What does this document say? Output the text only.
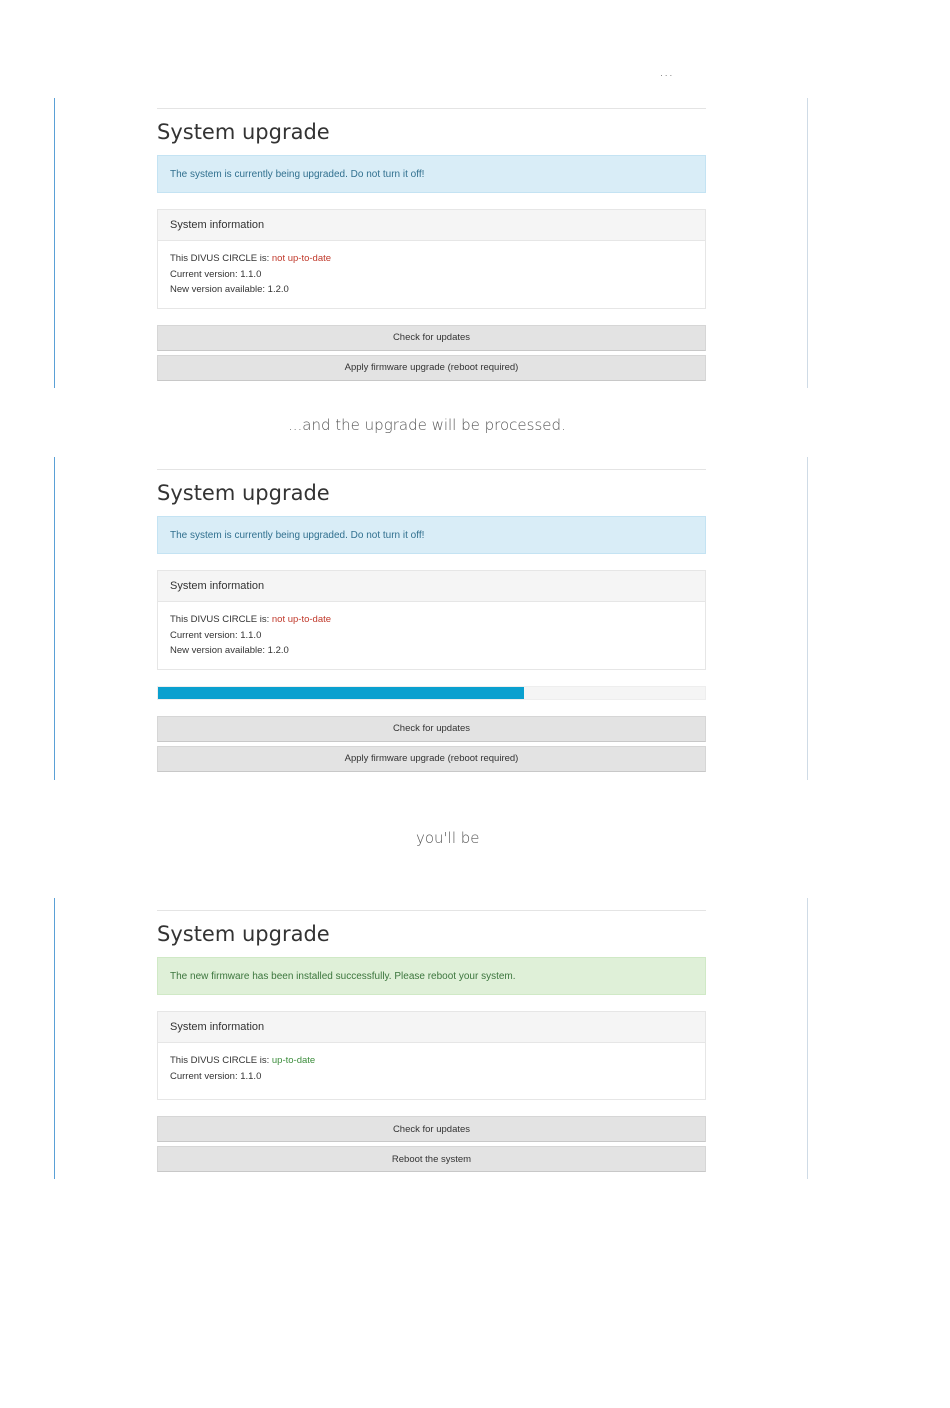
...
...and the upgrade will be processed.
you'll be
System upgrade
The system is currently being upgraded. Do not turn it off!
System information
This DIVUS CIRCLE is: not up-to-date
Current version: 1.1.0
New version available: 1.2.0
Check for updates
Apply firmware upgrade (reboot required)
System upgrade
The system is currently being upgraded. Do not turn it off!
System information
This DIVUS CIRCLE is: not up-to-date
Current version: 1.1.0
New version available: 1.2.0
Check for updates
Apply firmware upgrade (reboot required)
System upgrade
The new firmware has been installed successfully. Please reboot your system.
System information
This DIVUS CIRCLE is: up-to-date
Current version: 1.1.0
Check for updates
Reboot the system
